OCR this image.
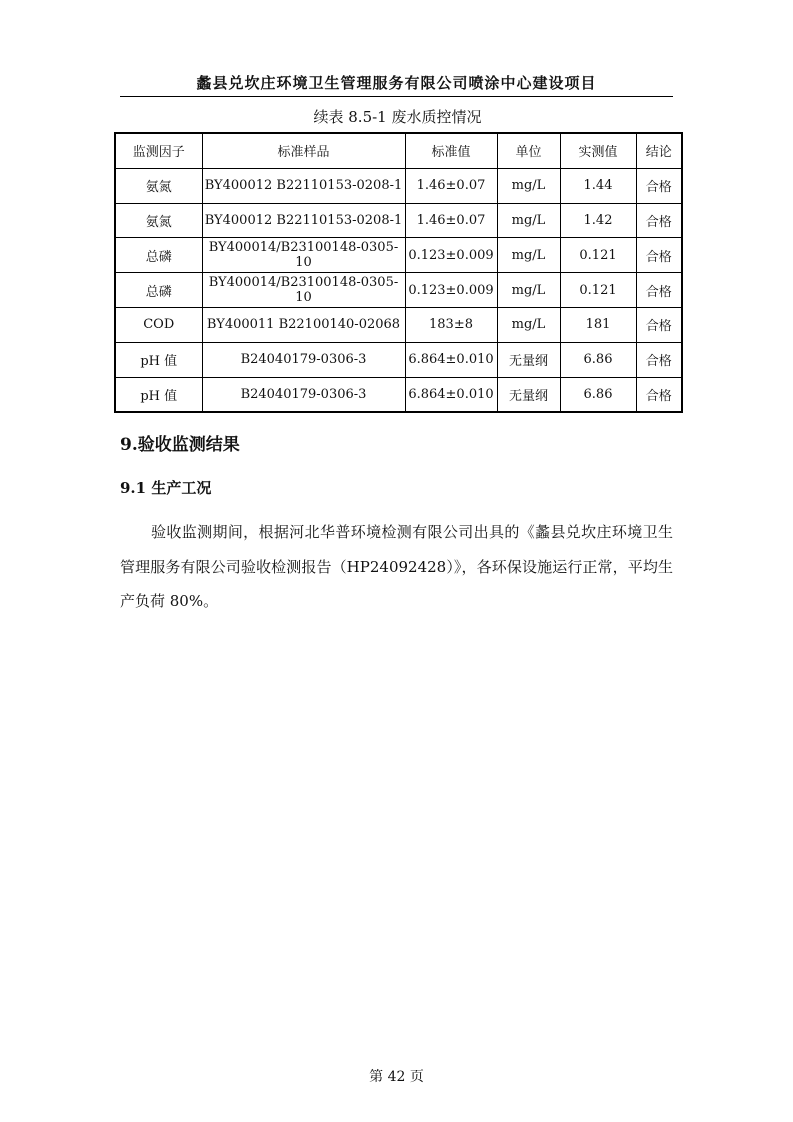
蠡县兑坎庄环境卫生管理服务有限公司喷涂中心建设项目
续表 8.5-1 废水质控情况
监测因子	标准样品	标准值	单位	实测值	结论
氨氮	BY400012 B22110153-0208-1	1.46±0.07	mg/L	1.44	合格
氨氮	BY400012 B22110153-0208-1	1.46±0.07	mg/L	1.42	合格
总磷	BY400014/B23100148-0305-10	0.123±0.009	mg/L	0.121	合格
总磷	BY400014/B23100148-0305-10	0.123±0.009	mg/L	0.121	合格
COD	BY400011 B22100140-02068	183±8	mg/L	181	合格
pH 值	B24040179-0306-3	6.864±0.010	无量纲	6.86	合格
pH 值	B24040179-0306-3	6.864±0.010	无量纲	6.86	合格
9.验收监测结果
9.1 生产工况
验收监测期间，根据河北华普环境检测有限公司出具的《蠡县兑坎庄环境卫生管理服务有限公司验收检测报告（HP24092428）》，各环保设施运行正常，平均生产负荷 80%。
第 42 页
